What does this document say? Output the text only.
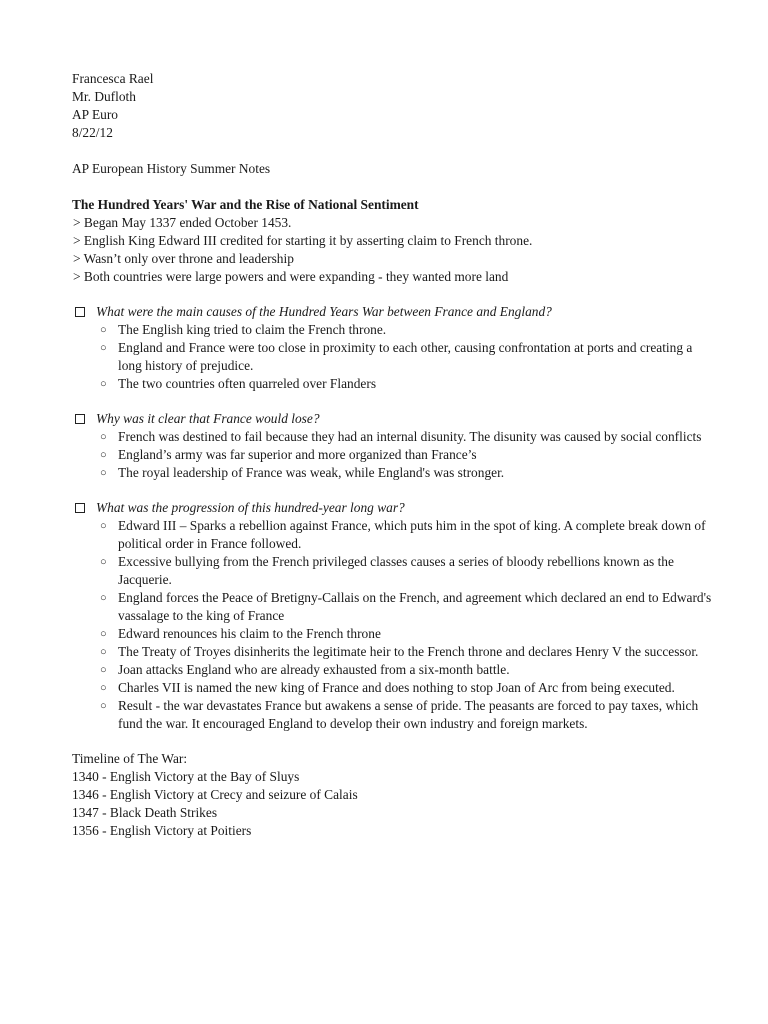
Francesca Rael
Mr. Dufloth
AP Euro
8/22/12
AP European History Summer Notes
The Hundred Years' War and the Rise of National Sentiment
> Began May 1337 ended October 1453.
> English King Edward III credited for starting it by asserting claim to French throne.
> Wasn’t only over throne and leadership
> Both countries were large powers and were expanding - they wanted more land
What were the main causes of the Hundred Years War between France and England?
○ The English king tried to claim the French throne.
○ England and France were too close in proximity to each other, causing confrontation at ports and creating a long history of prejudice.
○ The two countries often quarreled over Flanders
Why was it clear that France would lose?
○ French was destined to fail because they had an internal disunity. The disunity was caused by social conflicts
○ England’s army was far superior and more organized than France’s
○ The royal leadership of France was weak, while England's was stronger.
What was the progression of this hundred-year long war?
○ Edward III – Sparks a rebellion against France, which puts him in the spot of king. A complete break down of political order in France followed.
○ Excessive bullying from the French privileged classes causes a series of bloody rebellions known as the Jacquerie.
○ England forces the Peace of Bretigny-Callais on the French, and agreement which declared an end to Edward's vassalage to the king of France
○ Edward renounces his claim to the French throne
○ The Treaty of Troyes disinherits the legitimate heir to the French throne and declares Henry V the successor.
○ Joan attacks England who are already exhausted from a six-month battle.
○ Charles VII is named the new king of France and does nothing to stop Joan of Arc from being executed.
○ Result - the war devastates France but awakens a sense of pride. The peasants are forced to pay taxes, which fund the war. It encouraged England to develop their own industry and foreign markets.
Timeline of The War:
1340 - English Victory at the Bay of Sluys
1346 - English Victory at Crecy and seizure of Calais
1347 - Black Death Strikes
1356 - English Victory at Poitiers
